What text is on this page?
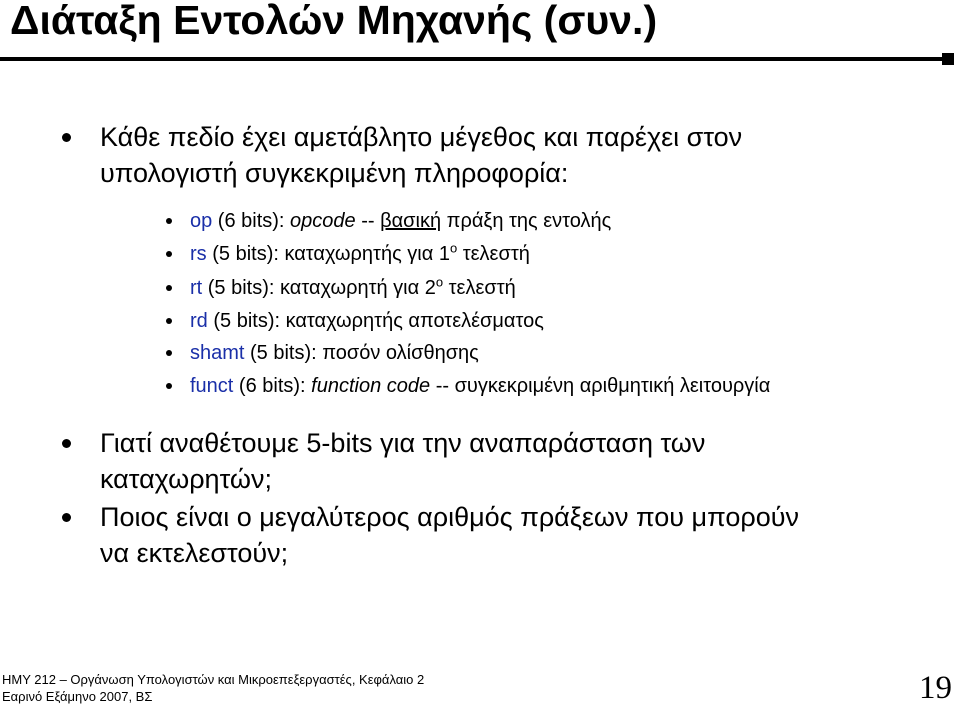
Διάταξη Εντολών Μηχανής (συν.)
Κάθε πεδίο έχει αμετάβλητο μέγεθος και παρέχει στον
υπολογιστή συγκεκριμένη πληροφορία:
op (6 bits): opcode -- βασική πράξη της εντολής
rs (5 bits): καταχωρητής για $1^o$ τελεστή
rt (5 bits): καταχωρητή για $2^o$ τελεστή
rd (5 bits): καταχωρητής αποτελέσματος
shamt (5 bits): ποσόν ολίσθησης
funct (6 bits): function code -- συγκεκριμένη αριθμητική λειτουργία
Γιατί αναθέτουμε 5-bits για την αναπαράσταση των
καταχωρητών;
Ποιος είναι ο μεγαλύτερος αριθμός πράξεων που μπορούν
να εκτελεστούν;
ΗΜΥ 212 – Οργάνωση Υπολογιστών και Μικροεπεξεργαστές, Κεφάλαιο 2
Εαρινό Εξάμηνο 2007, ΒΣ	19
